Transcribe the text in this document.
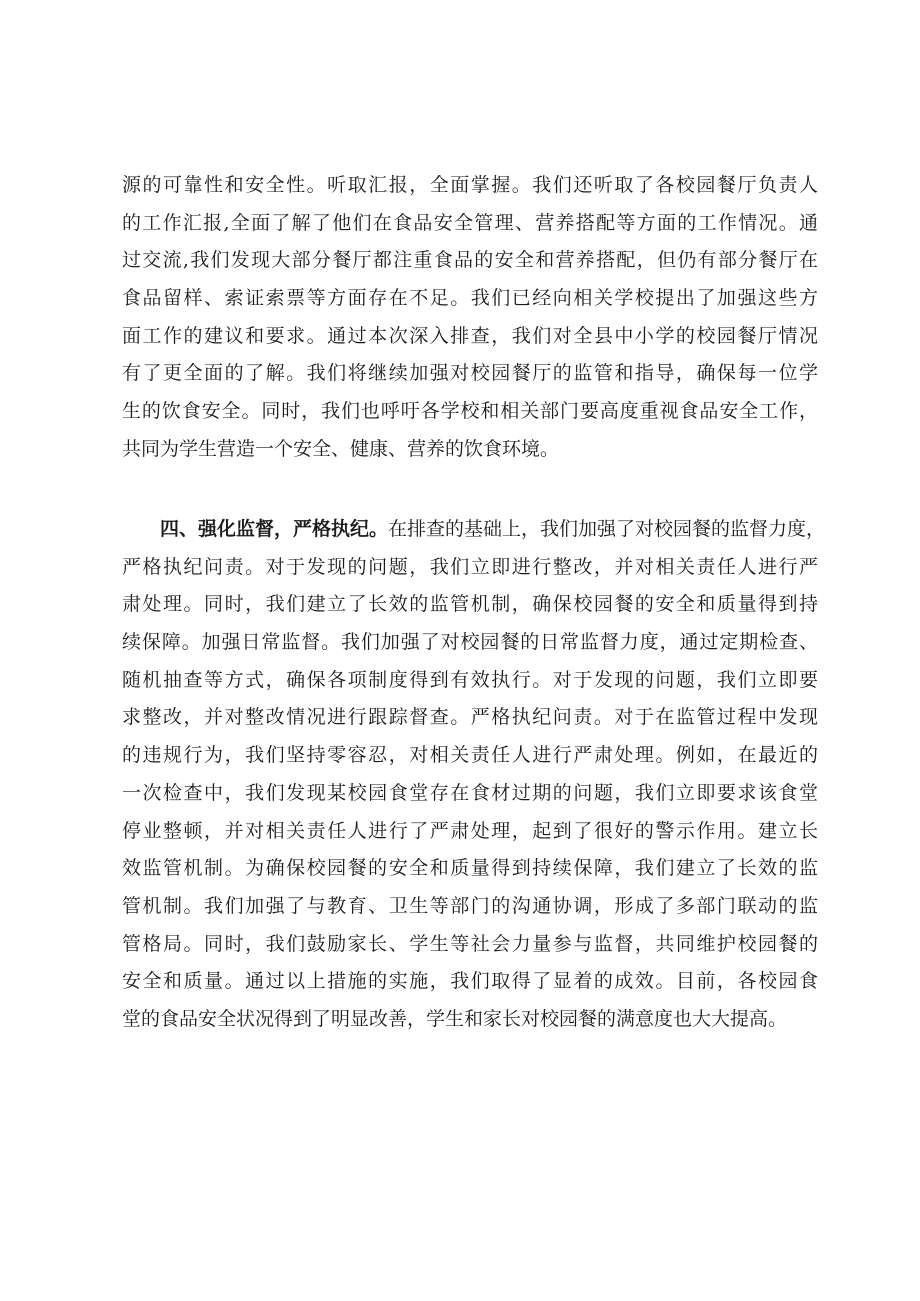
源的可靠性和安全性。听取汇报，全面掌握。我们还听取了各校园餐厅负责人
的工作汇报,全面了解了他们在食品安全管理、营养搭配等方面的工作情况。通
过交流,我们发现大部分餐厅都注重食品的安全和营养搭配，但仍有部分餐厅在
食品留样、索证索票等方面存在不足。我们已经向相关学校提出了加强这些方
面工作的建议和要求。通过本次深入排查，我们对全县中小学的校园餐厅情况
有了更全面的了解。我们将继续加强对校园餐厅的监管和指导，确保每一位学
生的饮食安全。同时，我们也呼吁各学校和相关部门要高度重视食品安全工作，
共同为学生营造一个安全、健康、营养的饮食环境。
四、强化监督，严格执纪。在排查的基础上，我们加强了对校园餐的监督力度，
严格执纪问责。对于发现的问题，我们立即进行整改，并对相关责任人进行严
肃处理。同时，我们建立了长效的监管机制，确保校园餐的安全和质量得到持
续保障。加强日常监督。我们加强了对校园餐的日常监督力度，通过定期检查、
随机抽查等方式，确保各项制度得到有效执行。对于发现的问题，我们立即要
求整改，并对整改情况进行跟踪督查。严格执纪问责。对于在监管过程中发现
的违规行为，我们坚持零容忍，对相关责任人进行严肃处理。例如，在最近的
一次检查中，我们发现某校园食堂存在食材过期的问题，我们立即要求该食堂
停业整顿，并对相关责任人进行了严肃处理，起到了很好的警示作用。建立长
效监管机制。为确保校园餐的安全和质量得到持续保障，我们建立了长效的监
管机制。我们加强了与教育、卫生等部门的沟通协调，形成了多部门联动的监
管格局。同时，我们鼓励家长、学生等社会力量参与监督，共同维护校园餐的
安全和质量。通过以上措施的实施，我们取得了显着的成效。目前，各校园食
堂的食品安全状况得到了明显改善，学生和家长对校园餐的满意度也大大提高。
